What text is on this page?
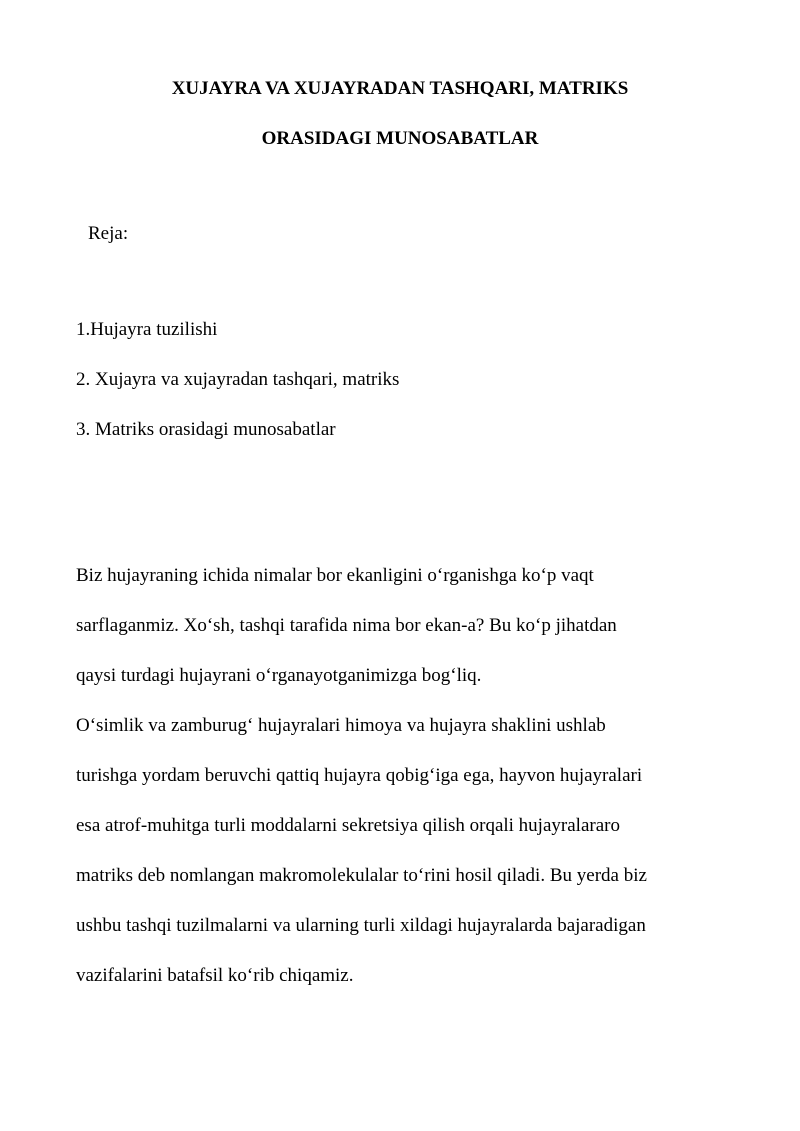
XUJAYRA VA XUJAYRADAN TASHQARI, MATRIKS
ORASIDAGI MUNOSABATLAR
Reja:
1.Hujayra tuzilishi
2. Xujayra va xujayradan tashqari, matriks
3. Matriks orasidagi munosabatlar
Biz hujayraning ichida nimalar bor ekanligini o‘rganishga ko‘p vaqt
sarflaganmiz. Xo‘sh, tashqi tarafida nima bor ekan-a? Bu ko‘p jihatdan
qaysi turdagi hujayrani o‘rganayotganimizga bog‘liq.
O‘simlik va zamburug‘ hujayralari himoya va hujayra shaklini ushlab
turishga yordam beruvchi qattiq hujayra qobig‘iga ega, hayvon hujayralari
esa atrof-muhitga turli moddalarni sekretsiya qilish orqali hujayralararo
matriks deb nomlangan makromolekulalar to‘rini hosil qiladi. Bu yerda biz
ushbu tashqi tuzilmalarni va ularning turli xildagi hujayralarda bajaradigan
vazifalarini batafsil ko‘rib chiqamiz.
